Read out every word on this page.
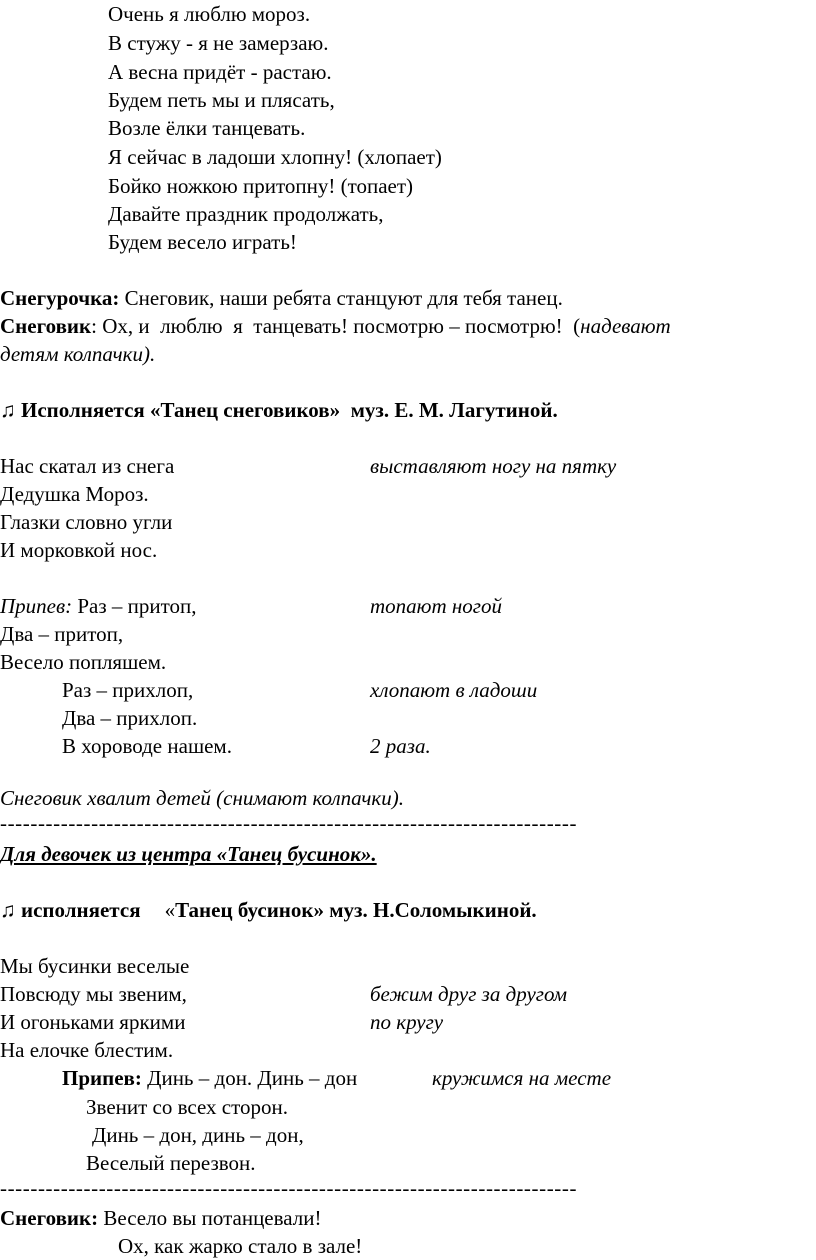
Очень я люблю мороз.
В стужу - я не замерзаю.
А весна придёт - растаю.
Будем петь мы и плясать,
Возле ёлки танцевать.
Я сейчас в ладоши хлопну! (хлопает)
Бойко ножкою притопну! (топает)
Давайте праздник продолжать,
Будем весело играть!
Снегурочка: Снеговик, наши ребята станцуют для тебя танец.
Снеговик: Ох, и  люблю  я  танцевать! посмотрю – посмотрю!  (надевают
детям колпачки).
♫ Исполняется «Танец снеговиков»  муз. Е. М. Лагутиной.
Нас скатал из снега	выставляют ногу на пятку
Дедушка Мороз.
Глазки словно угли
И морковкой нос.
Припев: Раз – притоп,	топают ногой
Два – притоп,
Весело попляшем.
Раз – прихлоп,	хлопают в ладоши
Два – прихлоп.
В хороводе нашем.	2 раза.
Снеговик хвалит детей (снимают колпачки).
----------------------------------------------------------------------------
Для девочек из центра «Танец бусинок».
♫ исполняется «Танец бусинок» муз. Н.Соломыкиной.
Мы бусинки веселые
Повсюду мы звеним,	бежим друг за другом
И огоньками яркими	по кругу
На елочке блестим.
Припев: Динь – дон. Динь – дон	кружимся на месте
Звенит со всех сторон.
Динь – дон, динь – дон,
Веселый перезвон.
----------------------------------------------------------------------------
Снеговик: Весело вы потанцевали!
Ох, как жарко стало в зале!
